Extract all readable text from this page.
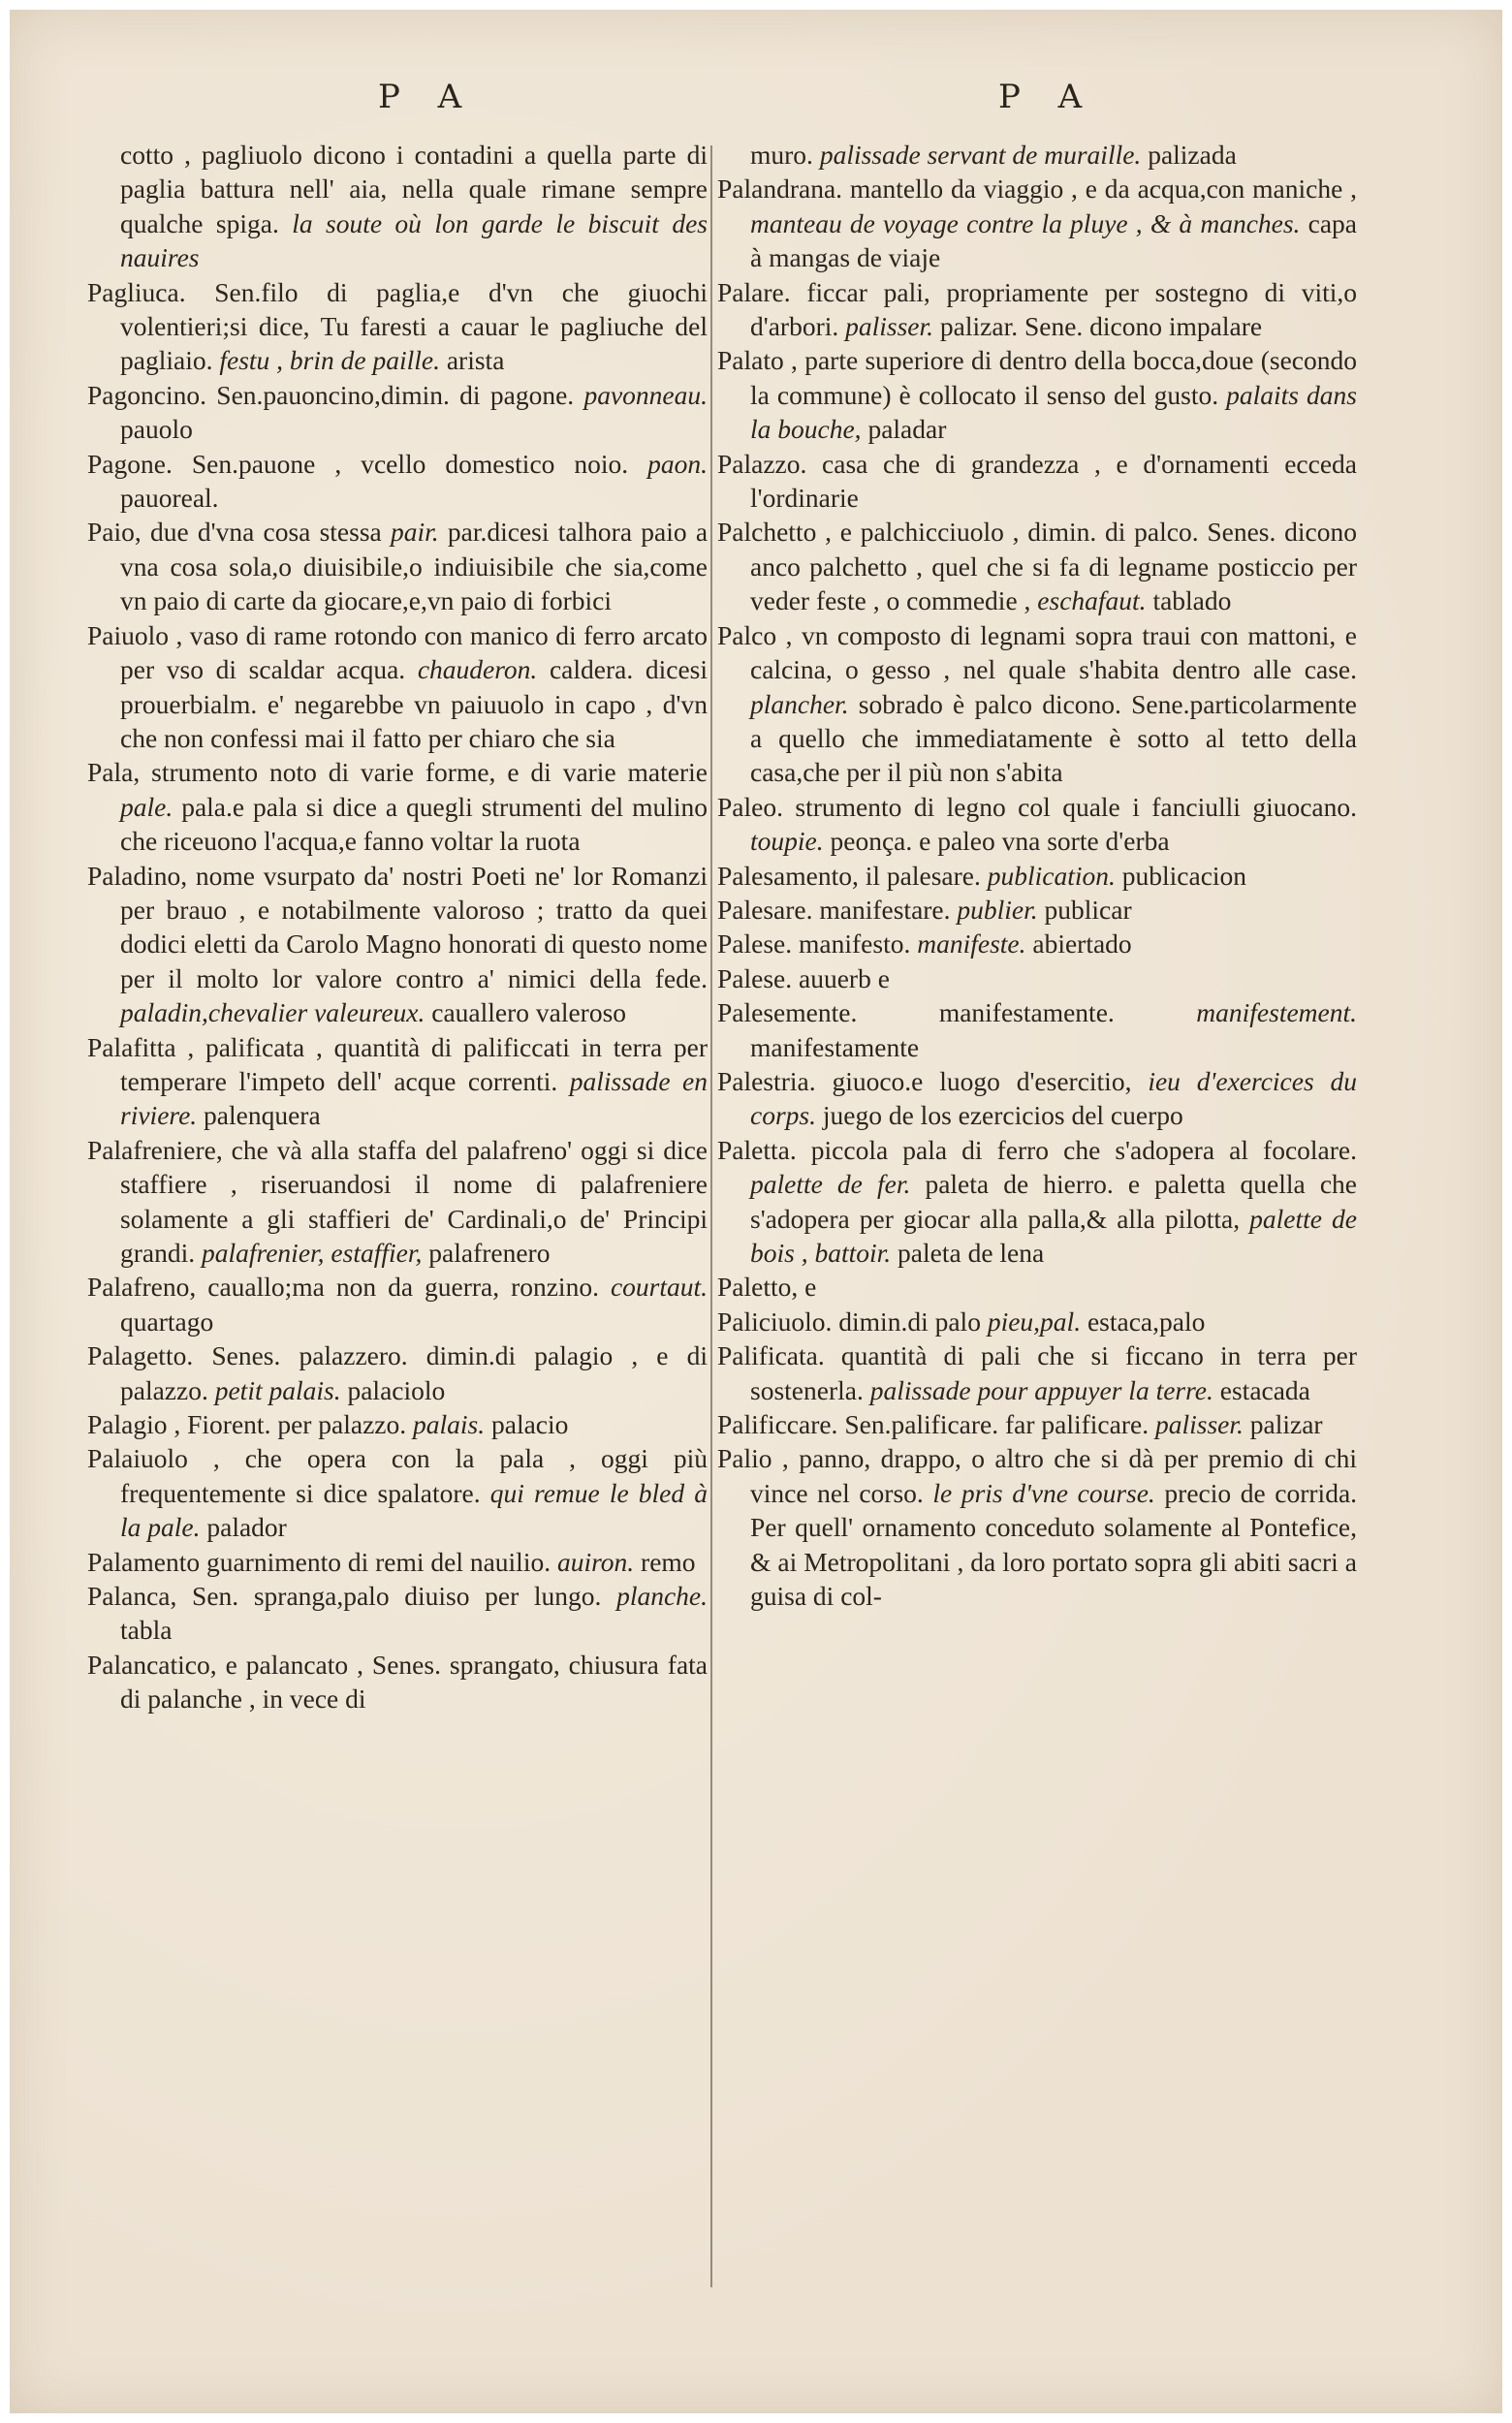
P A	P A

cotto , pagliuolo dicono i contadini a quella parte di paglia battura nell' aia, nella quale rimane sempre qualche spiga. la soute où lon garde le biscuit des nauires

Pagliuca. Sen.filo di paglia,e d'vn che giuochi volentieri;si dice, Tu faresti a cauar le pagliuche del pagliaio. festu , brin de paille. arista

Pagoncino. Sen.pauoncino,dimin. di pagone. pavonneau. pauolo

Pagone. Sen.pauone , vcello domestico noio. paon. pauoreal.

Paio, due d'vna cosa stessa pair. par.dicesi talhora paio a vna cosa sola,o diuisibile,o indiuisibile che sia,come vn paio di carte da giocare,e,vn paio di forbici

Paiuolo , vaso di rame rotondo con manico di ferro arcato per vso di scaldar acqua. chauderon. caldera. dicesi prouerbialm. e' negarebbe vn paiuuolo in capo , d'vn che non confessi mai il fatto per chiaro che sia

Pala, strumento noto di varie forme, e di varie materie pale. pala.e pala si dice a quegli strumenti del mulino che riceuono l'acqua,e fanno voltar la ruota

Paladino, nome vsurpato da' nostri Poeti ne' lor Romanzi per brauo , e notabilmente valoroso ; tratto da quei dodici eletti da Carolo Magno honorati di questo nome per il molto lor valore contro a' nimici della fede. paladin,chevalier valeureux. cauallero valeroso

Palafitta , palificata , quantità di palificcati in terra per temperare l'impeto dell' acque correnti. palissade en riviere. palenquera

Palafreniere, che và alla staffa del palafreno' oggi si dice staffiere , riseruandosi il nome di palafreniere solamente a gli staffieri de' Cardinali,o de' Principi grandi. palafrenier, estaffier, palafrenero

Palafreno, cauallo;ma non da guerra, ronzino. courtaut. quartago

Palagetto. Senes. palazzero. dimin.di palagio , e di palazzo. petit palais. palaciolo

Palagio , Fiorent. per palazzo. palais. palacio

Palaiuolo , che opera con la pala , oggi più frequentemente si dice spalatore. qui remue le bled à la pale. palador

Palamento guarnimento di remi del nauilio. auiron. remo

Palanca, Sen. spranga,palo diuiso per lungo. planche. tabla

Palancatico, e palancato , Senes. sprangato, chiusura fata di palanche , in vece di

muro. palissade servant de muraille. palizada

Palandrana. mantello da viaggio , e da acqua,con maniche , manteau de voyage contre la pluye , & à manches. capa à mangas de viaje

Palare. ficcar pali, propriamente per sostegno di viti,o d'arbori. palisser. palizar. Sene. dicono impalare

Palato , parte superiore di dentro della bocca,doue (secondo la commune) è collocato il senso del gusto. palaits dans la bouche, paladar

Palazzo. casa che di grandezza , e d'ornamenti ecceda l'ordinarie

Palchetto , e palchicciuolo , dimin. di palco. Senes. dicono anco palchetto , quel che si fa di legname posticcio per veder feste , o commedie , eschafaut. tablado

Palco , vn composto di legnami sopra traui con mattoni, e calcina, o gesso , nel quale s'habita dentro alle case. plancher. sobrado è palco dicono. Sene.particolarmente a quello che immediatamente è sotto al tetto della casa,che per il più non s'abita

Paleo. strumento di legno col quale i fanciulli giuocano. toupie. peonça. e paleo vna sorte d'erba

Palesamento, il palesare. publication. publicacion

Palesare. manifestare. publier. publicar

Palese. manifesto. manifeste. abiertado

Palese. auuerb e

Palesemente.	manifestamente.	manifestement. manifestamente

Palestria. giuoco.e luogo d'esercitio, ieu d'exercices du corps. juego de los ezercicios del cuerpo

Paletta. piccola pala di ferro che s'adopera al focolare. palette de fer. paleta de hierro. e paletta quella che s'adopera per giocar alla palla,& alla pilotta, palette de bois , battoir. paleta de lena

Paletto, e

Paliciuolo. dimin.di palo pieu,pal. estaca,palo

Palificata. quantità di pali che si ficcano in terra per sostenerla. palissade pour appuyer la terre. estacada

Palificcare. Sen.palificare. far palificare. palisser. palizar

Palio , panno, drappo, o altro che si dà per premio di chi vince nel corso. le pris d'vne course. precio de corrida. Per quell' ornamento conceduto solamente al Pontefice, & ai Metropolitani , da loro portato sopra gli abiti sacri a guisa di col-
